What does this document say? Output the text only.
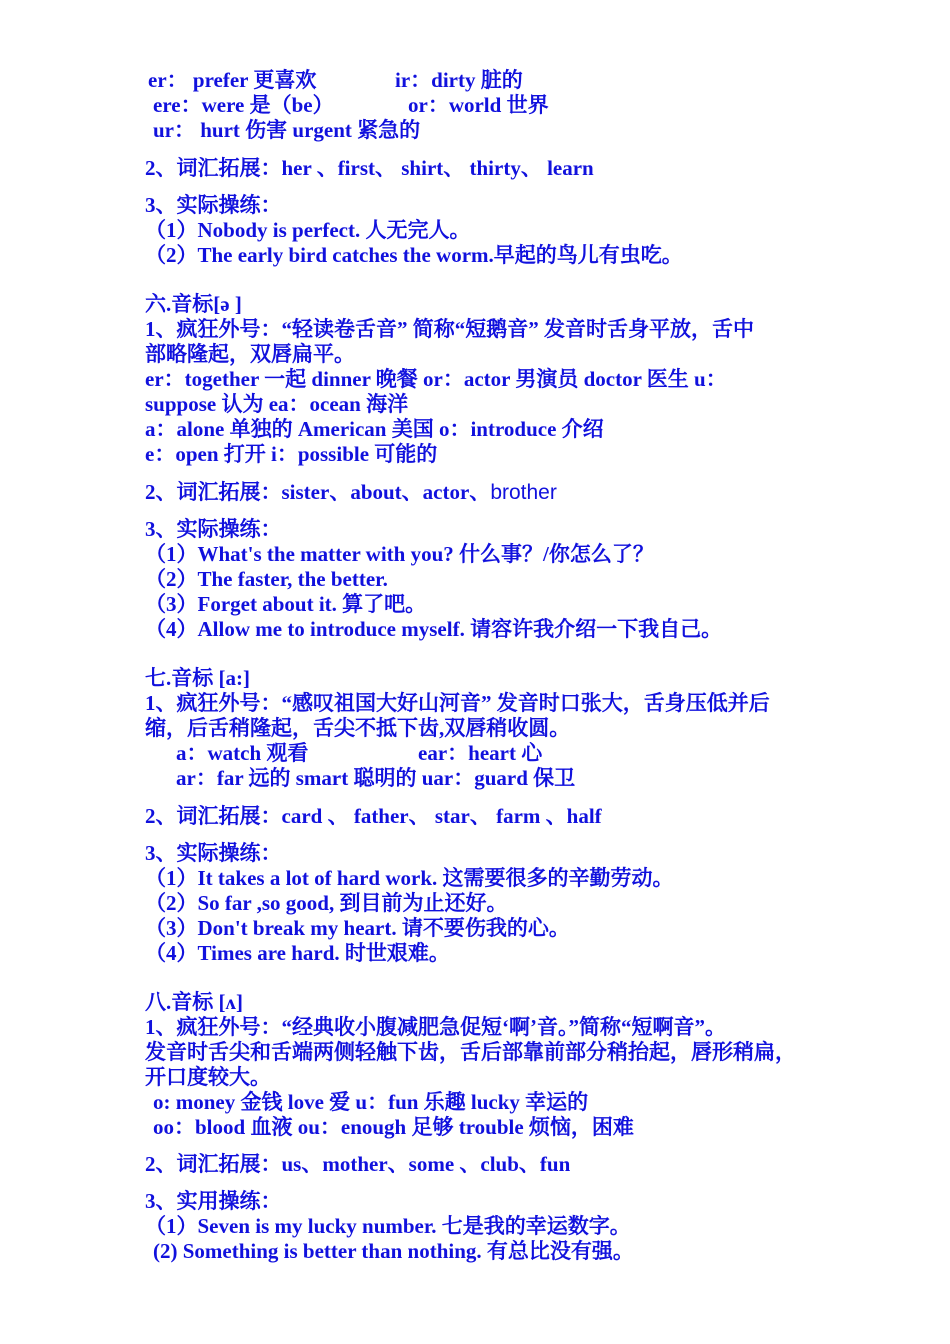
er： prefer 更喜欢	ir：dirty 脏的
ere：were 是（be）	or：world 世界
ur： hurt 伤害 urgent 紧急的
2、词汇拓展：her 、first、 shirt、 thirty、 learn
3、实际操练：
（1）Nobody is perfect. 人无完人。
（2）The early bird catches the worm.早起的鸟儿有虫吃。
六.音标[ə ]
1、疯狂外号：“轻读卷舌音” 简称“短鹅音” 发音时舌身平放，舌中
部略隆起，双唇扁平。
er：together 一起 dinner 晚餐 or：actor 男演员 doctor 医生 u：
suppose 认为 ea：ocean 海洋
a：alone 单独的 American 美国 o：introduce 介绍
e：open 打开 i：possible 可能的
2、词汇拓展：sister、about、actor、brother
3、实际操练：
（1）What's the matter with you? 什么事？/你怎么了？
（2）The faster, the better.
（3）Forget about it. 算了吧。
（4）Allow me to introduce myself. 请容许我介绍一下我自己。
七.音标 [a:]
1、疯狂外号：“感叹祖国大好山河音” 发音时口张大，舌身压低并后
缩，后舌稍隆起，舌尖不抵下齿,双唇稍收圆。
a：watch 观看	ear：heart 心
ar：far 远的 smart 聪明的 uar：guard 保卫
2、词汇拓展：card 、 father、 star、 farm 、half
3、实际操练：
（1）It takes a lot of hard work. 这需要很多的辛勤劳动。
（2）So far ,so good, 到目前为止还好。
（3）Don't break my heart. 请不要伤我的心。
（4）Times are hard. 时世艰难。
八.音标 [ʌ]
1、疯狂外号：“经典收小腹减肥急促短‘啊’音。”简称“短啊音”。
发音时舌尖和舌端两侧轻触下齿，舌后部靠前部分稍抬起，唇形稍扁，
开口度较大。
o: money 金钱 love 爱 u：fun 乐趣 lucky 幸运的
oo：blood 血液 ou：enough 足够 trouble 烦恼，困难
2、词汇拓展：us、mother、some 、club、fun
3、实用操练：
（1）Seven is my lucky number. 七是我的幸运数字。
(2) Something is better than nothing. 有总比没有强。
